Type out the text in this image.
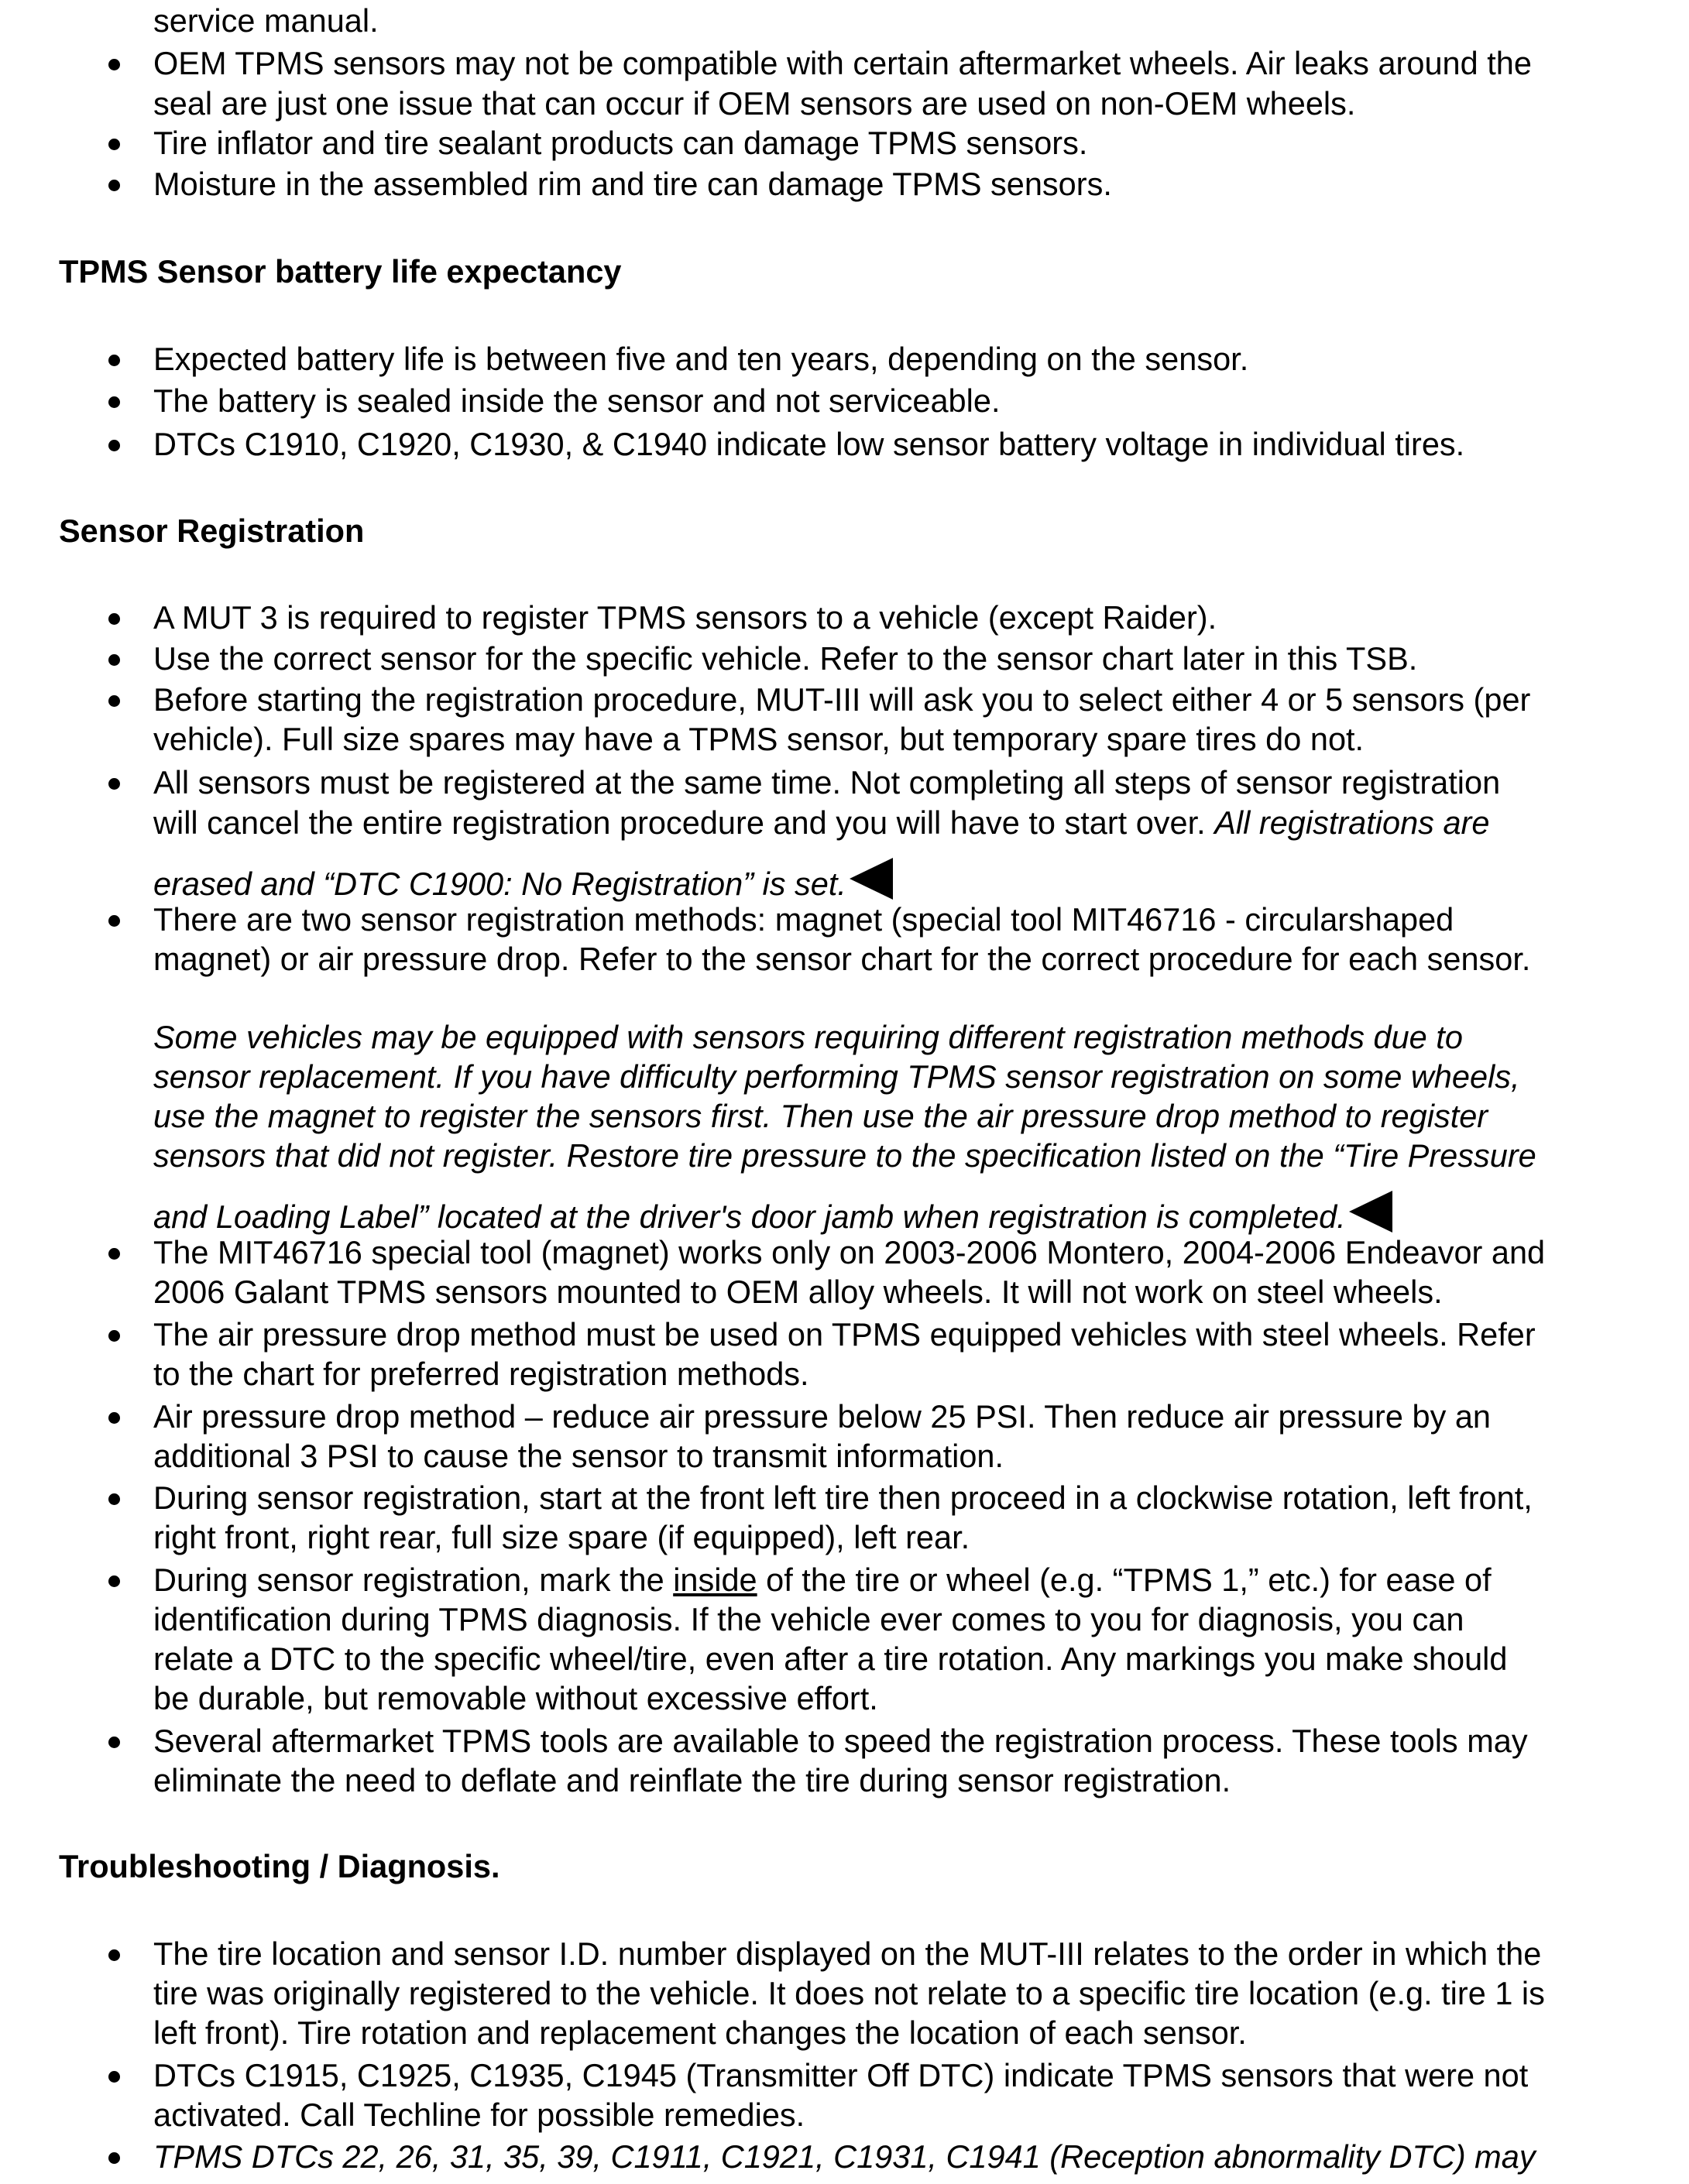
service manual.
OEM TPMS sensors may not be compatible with certain aftermarket wheels. Air leaks around the
seal are just one issue that can occur if OEM sensors are used on non-OEM wheels.
Tire inflator and tire sealant products can damage TPMS sensors.
Moisture in the assembled rim and tire can damage TPMS sensors.
TPMS Sensor battery life expectancy
Expected battery life is between five and ten years, depending on the sensor.
The battery is sealed inside the sensor and not serviceable.
DTCs C1910, C1920, C1930, & C1940 indicate low sensor battery voltage in individual tires.
Sensor Registration
A MUT 3 is required to register TPMS sensors to a vehicle (except Raider).
Use the correct sensor for the specific vehicle. Refer to the sensor chart later in this TSB.
Before starting the registration procedure, MUT-III will ask you to select either 4 or 5 sensors (per
vehicle). Full size spares may have a TPMS sensor, but temporary spare tires do not.
All sensors must be registered at the same time. Not completing all steps of sensor registration
will cancel the entire registration procedure and you will have to start over. All registrations are
erased and “DTC C1900: No Registration” is set.
There are two sensor registration methods: magnet (special tool MIT46716 - circularshaped
magnet) or air pressure drop. Refer to the sensor chart for the correct procedure for each sensor.
Some vehicles may be equipped with sensors requiring different registration methods due to
sensor replacement. If you have difficulty performing TPMS sensor registration on some wheels,
use the magnet to register the sensors first. Then use the air pressure drop method to register
sensors that did not register. Restore tire pressure to the specification listed on the “Tire Pressure
and Loading Label” located at the driver's door jamb when registration is completed.
The MIT46716 special tool (magnet) works only on 2003-2006 Montero, 2004-2006 Endeavor and
2006 Galant TPMS sensors mounted to OEM alloy wheels. It will not work on steel wheels.
The air pressure drop method must be used on TPMS equipped vehicles with steel wheels. Refer
to the chart for preferred registration methods.
Air pressure drop method – reduce air pressure below 25 PSI. Then reduce air pressure by an
additional 3 PSI to cause the sensor to transmit information.
During sensor registration, start at the front left tire then proceed in a clockwise rotation, left front,
right front, right rear, full size spare (if equipped), left rear.
During sensor registration, mark the inside of the tire or wheel (e.g. “TPMS 1,” etc.) for ease of
identification during TPMS diagnosis. If the vehicle ever comes to you for diagnosis, you can
relate a DTC to the specific wheel/tire, even after a tire rotation. Any markings you make should
be durable, but removable without excessive effort.
Several aftermarket TPMS tools are available to speed the registration process. These tools may
eliminate the need to deflate and reinflate the tire during sensor registration.
Troubleshooting / Diagnosis.
The tire location and sensor I.D. number displayed on the MUT-III relates to the order in which the
tire was originally registered to the vehicle. It does not relate to a specific tire location (e.g. tire 1 is
left front). Tire rotation and replacement changes the location of each sensor.
DTCs C1915, C1925, C1935, C1945 (Transmitter Off DTC) indicate TPMS sensors that were not
activated. Call Techline for possible remedies.
TPMS DTCs 22, 26, 31, 35, 39, C1911, C1921, C1931, C1941 (Reception abnormality DTC) may
